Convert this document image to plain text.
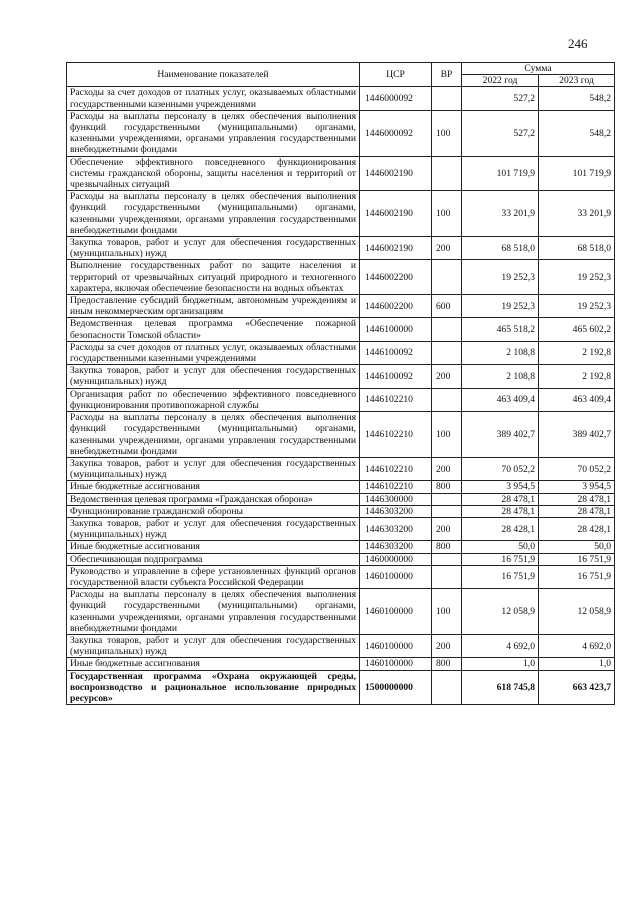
246
Наименование показателей	ЦСР	ВР	Сумма	
			2022 год	2023 год
Расходы за счет доходов от платных услуг, оказываемых областными государственными казенными учреждениями	1446000092		527,2	548,2
Расходы на выплаты персоналу в целях обеспечения выполнения функций государственными (муниципальными) органами, казенными учреждениями, органами управления государственными внебюджетными фондами	1446000092	100	527,2	548,2
Обеспечение эффективного повседневного функционирования системы гражданской обороны, защиты населения и территорий от чрезвычайных ситуаций	1446002190		101 719,9	101 719,9
Расходы на выплаты персоналу в целях обеспечения выполнения функций государственными (муниципальными) органами, казенными учреждениями, органами управления государственными внебюджетными фондами	1446002190	100	33 201,9	33 201,9
Закупка товаров, работ и услуг для обеспечения государственных (муниципальных) нужд	1446002190	200	68 518,0	68 518,0
Выполнение государственных работ по защите населения и территорий от чрезвычайных ситуаций природного и техногенного характера, включая обеспечение безопасности на водных объектах	1446002200		19 252,3	19 252,3
Предоставление субсидий бюджетным, автономным учреждениям и иным некоммерческим организациям	1446002200	600	19 252,3	19 252,3
Ведомственная целевая программа «Обеспечение пожарной безопасности Томской области»	1446100000		465 518,2	465 602,2
Расходы за счет доходов от платных услуг, оказываемых областными государственными казенными учреждениями	1446100092		2 108,8	2 192,8
Закупка товаров, работ и услуг для обеспечения государственных (муниципальных) нужд	1446100092	200	2 108,8	2 192,8
Организация работ по обеспечению эффективного повседневного функционирования противопожарной службы	1446102210		463 409,4	463 409,4
Расходы на выплаты персоналу в целях обеспечения выполнения функций государственными (муниципальными) органами, казенными учреждениями, органами управления государственными внебюджетными фондами	1446102210	100	389 402,7	389 402,7
Закупка товаров, работ и услуг для обеспечения государственных (муниципальных) нужд	1446102210	200	70 052,2	70 052,2
Иные бюджетные ассигнования	1446102210	800	3 954,5	3 954,5
Ведомственная целевая программа «Гражданская оборона»	1446300000		28 478,1	28 478,1
Функционирование гражданской обороны	1446303200		28 478,1	28 478,1
Закупка товаров, работ и услуг для обеспечения государственных (муниципальных) нужд	1446303200	200	28 428,1	28 428,1
Иные бюджетные ассигнования	1446303200	800	50,0	50,0
Обеспечивающая подпрограмма	1460000000		16 751,9	16 751,9
Руководство и управление в сфере установленных функций органов государственной власти субъекта Российской Федерации	1460100000		16 751,9	16 751,9
Расходы на выплаты персоналу в целях обеспечения выполнения функций государственными (муниципальными) органами, казенными учреждениями, органами управления государственными внебюджетными фондами	1460100000	100	12 058,9	12 058,9
Закупка товаров, работ и услуг для обеспечения государственных (муниципальных) нужд	1460100000	200	4 692,0	4 692,0
Иные бюджетные ассигнования	1460100000	800	1,0	1,0
Государственная программа «Охрана окружающей среды, воспроизводство и рациональное использование природных ресурсов»	1500000000		618 745,8	663 423,7
